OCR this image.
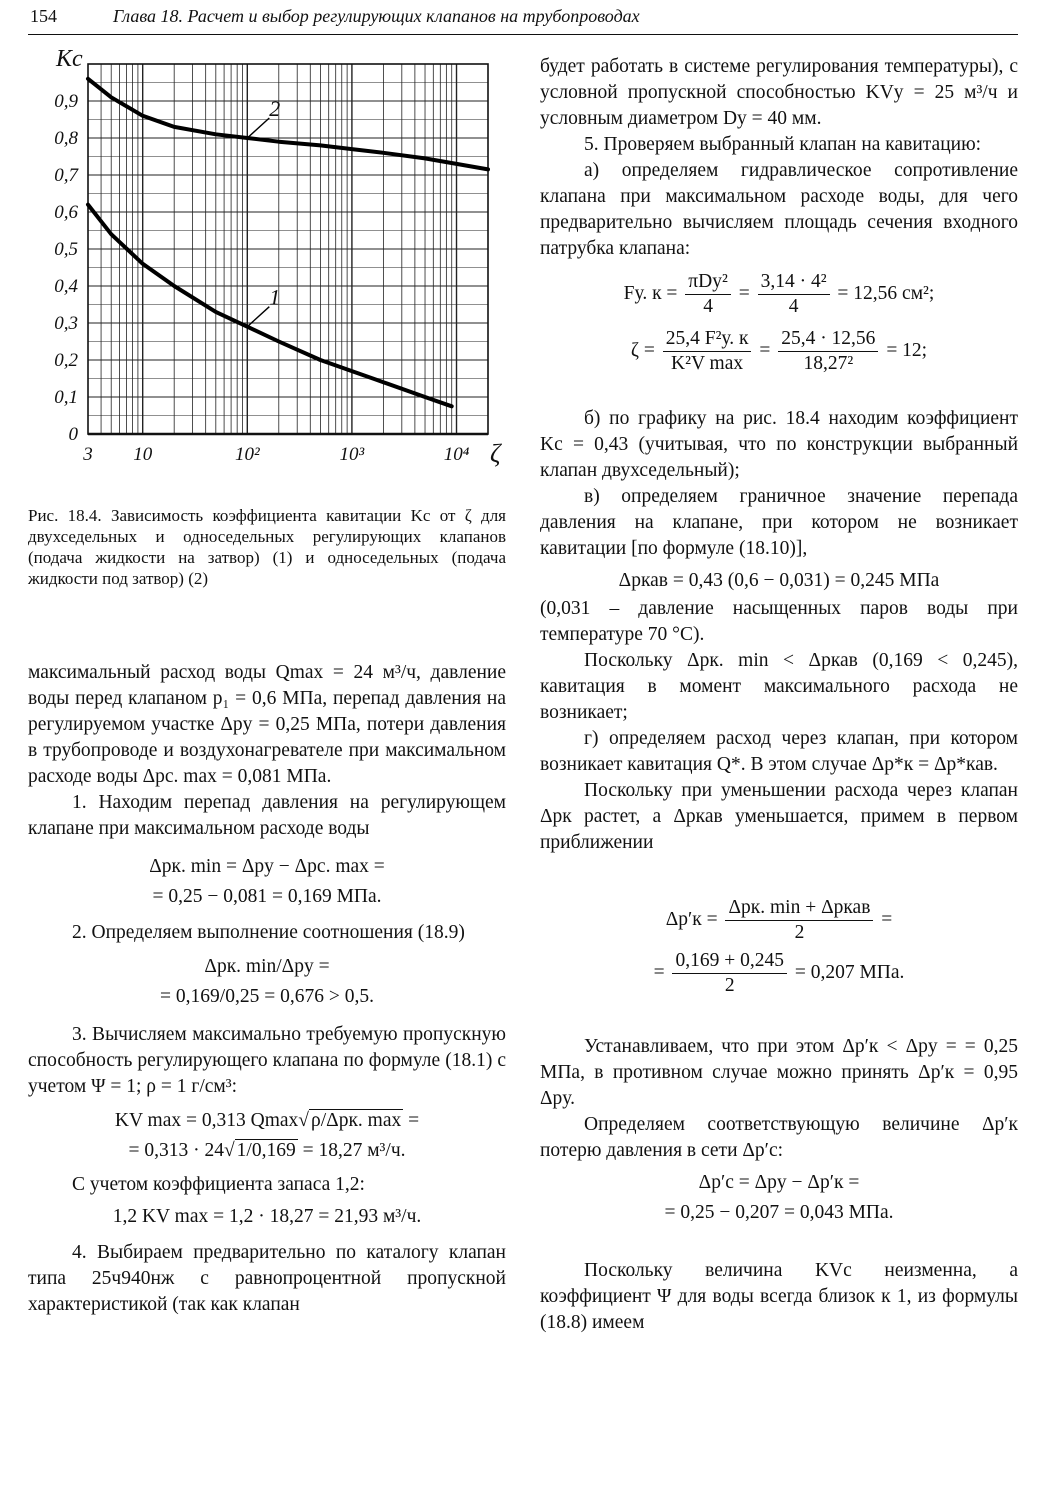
154	Глава 18. Расчет и выбор регулирующих клапанов на трубопроводах
0
0,1
0,2
0,3
0,4
0,5
0,6
0,7
0,8
0,9
3 10	10²	10³	10⁴
Kc
ζ
1
2
Рис. 18.4. Зависимость коэффициента кавитации Kc от ζ для двухседельных и односедельных регулирующих клапанов (подача жидкости на затвор) (1) и односедельных (подача жидкости под затвор) (2)

максимальный расход воды Qmax = 24 м³/ч, давление воды перед клапаном p₁ = 0,6 МПа, перепад давления на регулируемом участке Δpу = 0,25 МПа, потери давления в трубопроводе и воздухонагревателе при максимальном расходе воды Δpс. max = 0,081 МПа.

1. Находим перепад давления на регулирующем клапане при максимальном расходе воды

Δpк. min = Δpу − Δpс. max =

= 0,25 − 0,081 = 0,169 МПа.

2. Определяем выполнение соотношения (18.9)

Δpк. min/Δpу =

= 0,169/0,25 = 0,676 > 0,5.

3. Вычисляем максимально требуемую пропускную способность регулирующего клапана по формуле (18.1) с учетом Ψ = 1; ρ = 1 г/см³:

KV max = 0,313 Qmax√ ρ/Δpк. max =

= 0,313 · 24√ 1/0,169 = 18,27 м³/ч.

С учетом коэффициента запаса 1,2:

1,2 KV max = 1,2 · 18,27 = 21,93 м³/ч.

4. Выбираем предварительно по каталогу клапан типа 25ч940нж с равнопроцентной пропускной характеристикой (так как клапан

будет работать в системе регулирования температуры), с условной пропускной способностью KVу = 25 м³/ч и условным диаметром Dу = 40 мм.

5. Проверяем выбранный клапан на кавитацию:

а) определяем гидравлическое сопротивление клапана при максимальном расходе воды, для чего предварительно вычисляем площадь сечения входного патрубка клапана:

Fу. $к = \frac{\text{πDу²}}{4} = \frac{\text{3,14 · 4²}}{4} = 12,56$ см²;

$\zeta = \frac{\text{25,4 F²у. к}}{\text{K²V max}} = \frac{25,4 \cdot 12,56}{\text{18,27²}} = 12$;

б) по графику на рис. 18.4 находим коэффициент Kс = 0,43 (учитывая, что по конструкции выбранный клапан двухседельный);

в) определяем граничное значение перепада давления на клапане, при котором не возникает кавитации [по формуле (18.10)],

Δpкав = 0,43 (0,6 − 0,031) = 0,245 МПа

(0,031 – давление насыщенных паров воды при температуре 70 °С).

Поскольку Δpк. min < Δpкав (0,169 < 0,245), кавитация в момент максимального расхода не возникает;

г) определяем расход через клапан, при котором возникает кавитация Q*. В этом случае Δp*к = Δp*кав.

Поскольку при уменьшении расхода через клапан Δpк растет, а Δpкав уменьшается, примем в первом приближении

$\Delta p'к = \frac{\text{Δpк. min + Δpкав}}{2}$ =

= $\frac{0,169 + 0,245}{2} = 0,207$ МПа.

Устанавливаем, что при этом Δp′к < Δpу = = 0,25 МПа, в противном случае можно принять Δp′к = 0,95 Δpу.

Определяем соответствующую величине Δp′к потерю давления в сети Δp′с:

Δp′с = Δpу − Δp′к =

= 0,25 − 0,207 = 0,043 МПа.

Поскольку величина KVс неизменна, а коэффициент Ψ для воды всегда близок к 1, из формулы (18.8) имеем
